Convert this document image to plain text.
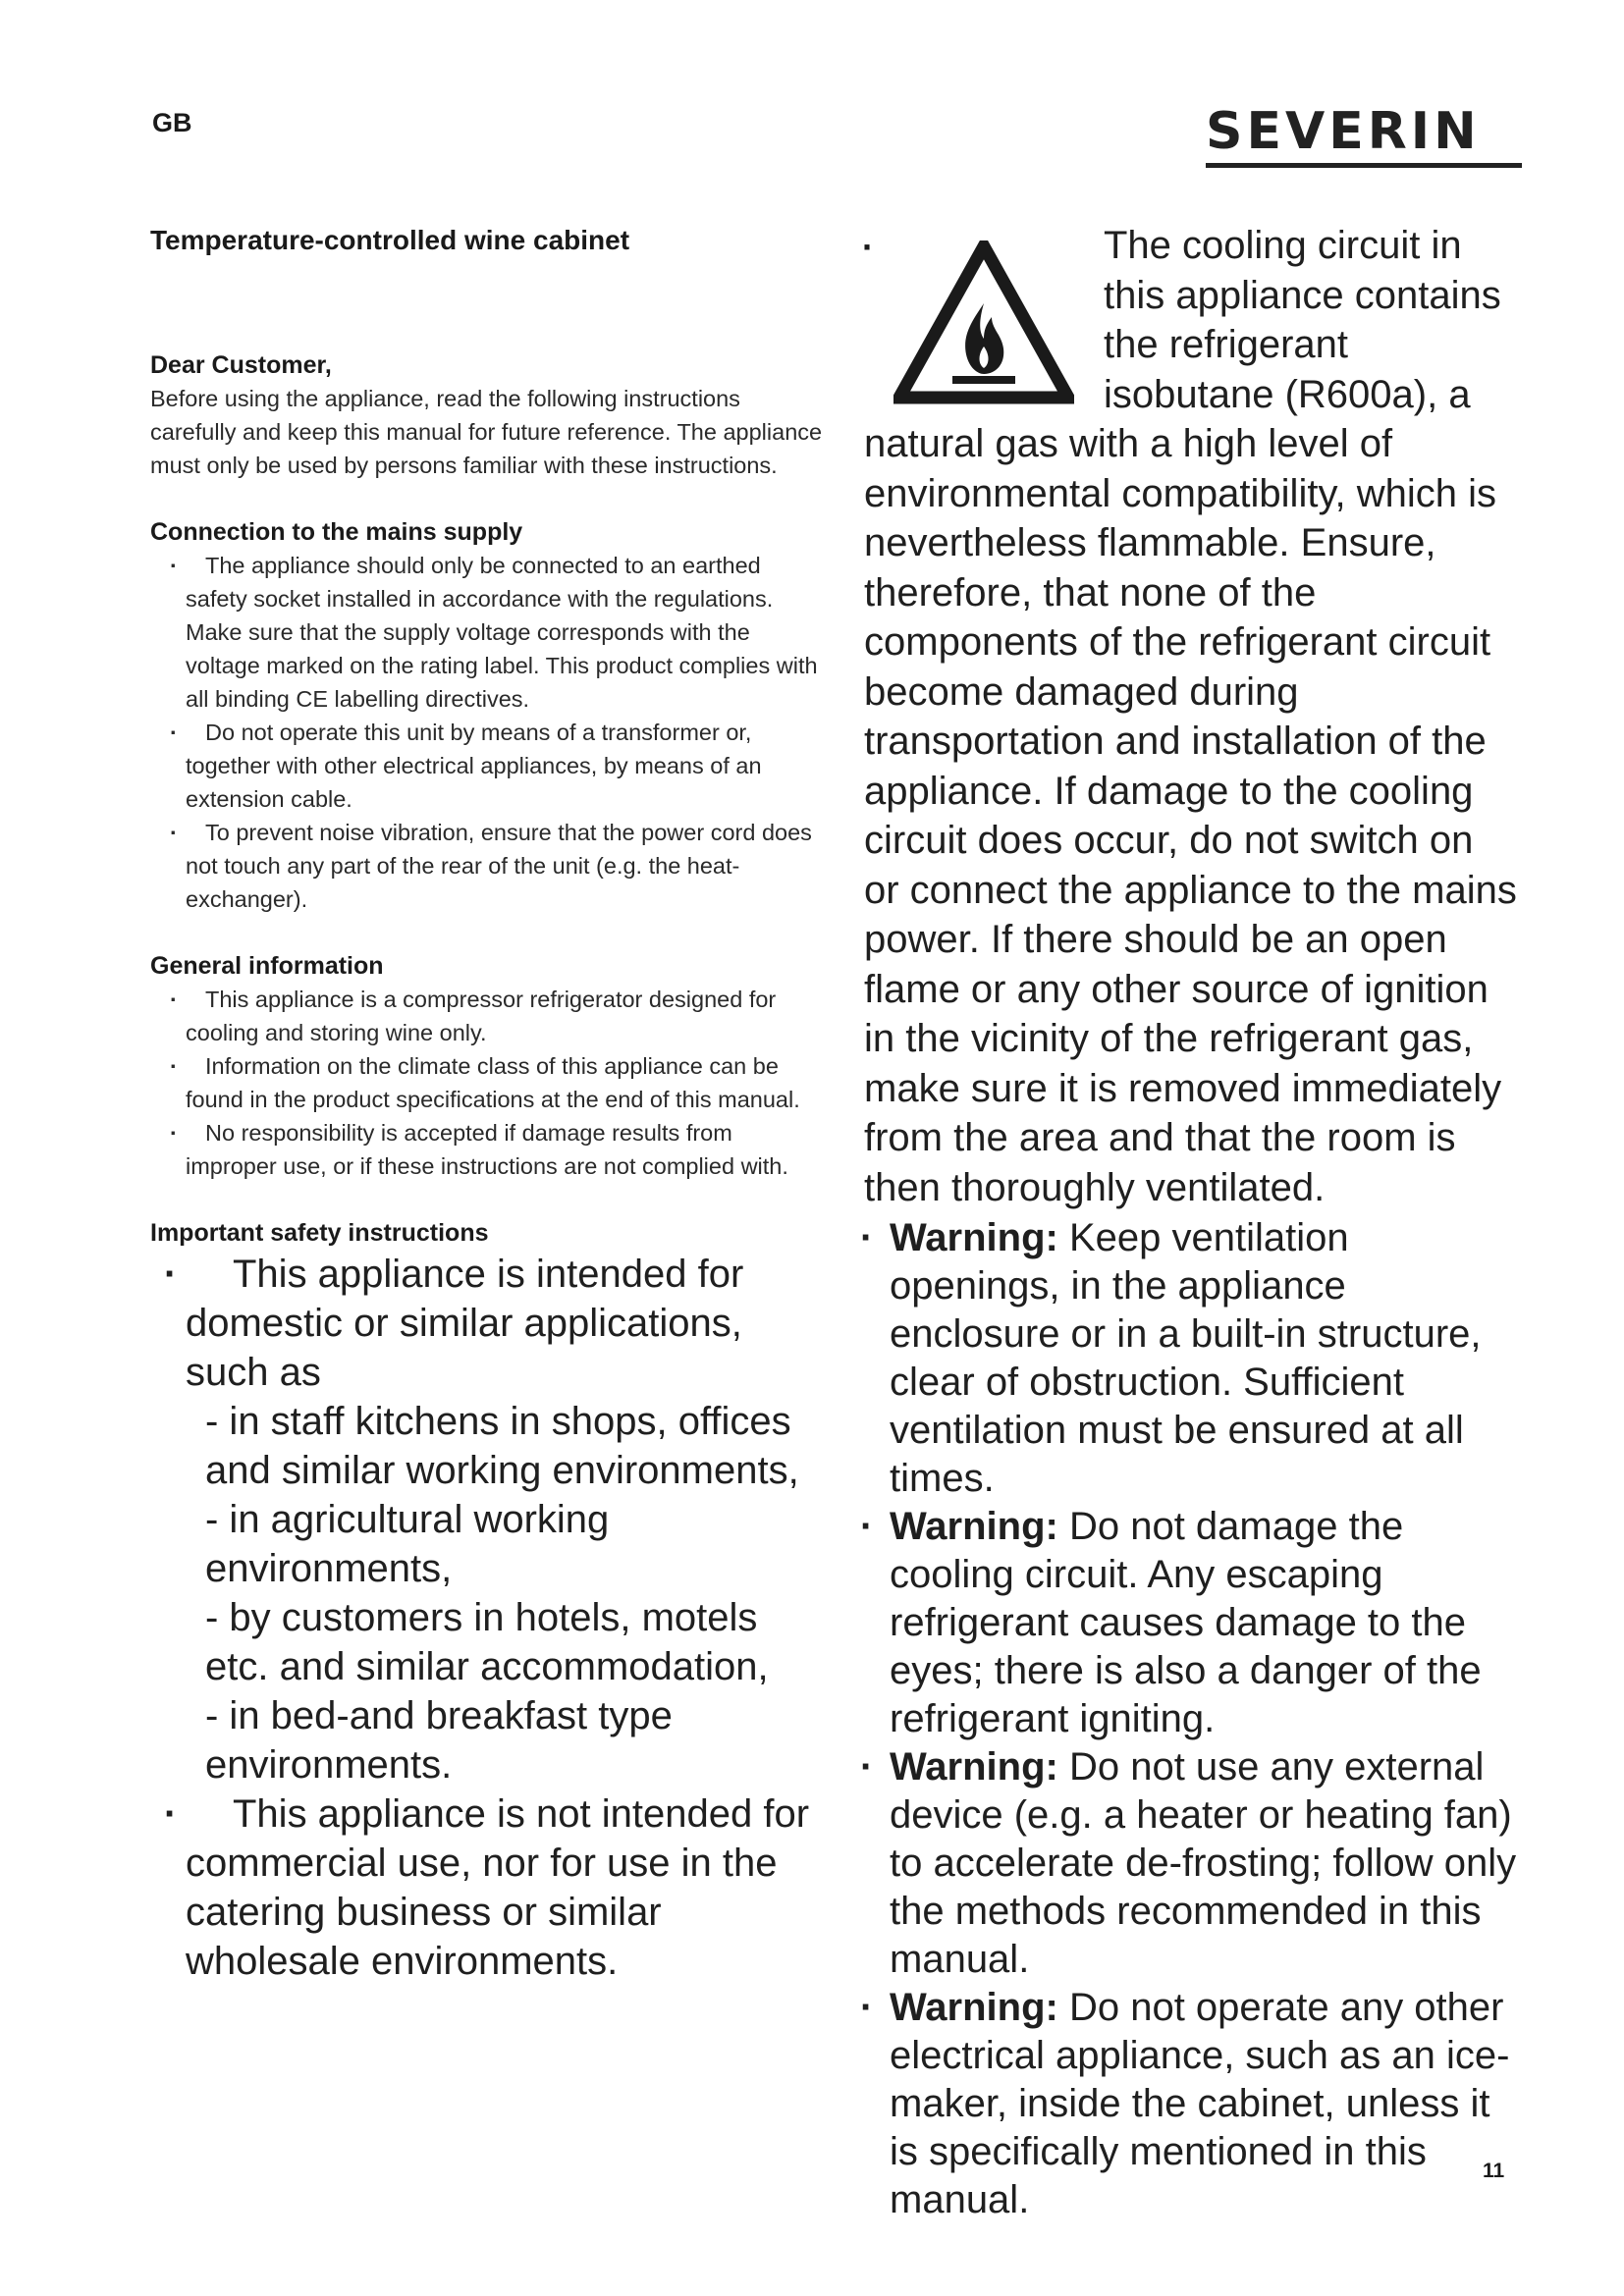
GB	SEVERIN
Temperature-controlled wine cabinet
Dear Customer,
Before using the appliance, read the following instructions carefully and keep this manual for future reference. The appliance must only be used by persons familiar with these instructions.
Connection to the mains supply
· The appliance should only be connected to an earthed safety socket installed in accordance with the regulations. Make sure that the supply voltage corresponds with the voltage marked on the rating label. This product complies with all binding CE labelling directives.
· Do not operate this unit by means of a transformer or, together with other electrical appliances, by means of an extension cable.
· To prevent noise vibration, ensure that the power cord does not touch any part of the rear of the unit (e.g. the heat-exchanger).
General information
· This appliance is a compressor refrigerator designed for cooling and storing wine only.
· Information on the climate class of this appliance can be found in the product specifications at the end of this manual.
· No responsibility is accepted if damage results from improper use, or if these instructions are not complied with.
Important safety instructions
· This appliance is intended for domestic or similar applications, such as
- in staff kitchens in shops, offices and similar working environments,
- in agricultural working environments,
- by customers in hotels, motels etc. and similar accommodation,
- in bed-and breakfast type environments.
· This appliance is not intended for commercial use, nor for use in the catering business or similar wholesale environments.
·	The cooling circuit in this appliance contains the refrigerant isobutane (R600a), a natural gas with a high level of environmental compatibility, which is nevertheless flammable. Ensure, therefore, that none of the components of the refrigerant circuit become damaged during transportation and installation of the appliance. If damage to the cooling circuit does occur, do not switch on or connect the appliance to the mains power. If there should be an open flame or any other source of ignition in the vicinity of the refrigerant gas, make sure it is removed immediately from the area and that the room is then thoroughly ventilated.
· Warning: Keep ventilation openings, in the appliance enclosure or in a built-in structure, clear of obstruction. Sufficient ventilation must be ensured at all times.
· Warning: Do not damage the cooling circuit. Any escaping refrigerant causes damage to the eyes; there is also a danger of the refrigerant igniting.
· Warning: Do not use any external device (e.g. a heater or heating fan) to accelerate de-frosting; follow only the methods recommended in this manual.
· Warning: Do not operate any other electrical appliance, such as an ice-maker, inside the cabinet, unless it is specifically mentioned in this manual.
11
